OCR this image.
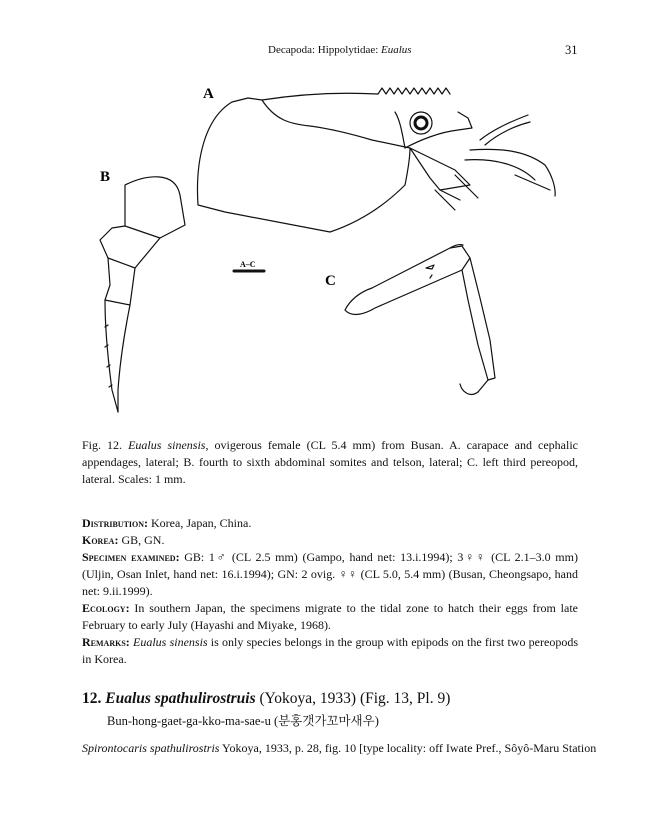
Decapoda: Hippolytidae: Eualus	31
A
B
C
A–C
Fig. 12. Eualus sinensis, ovigerous female (CL 5.4 mm) from Busan. A. carapace and cephalic appendages, lateral; B. fourth to sixth abdominal somites and telson, lateral; C. left third pereopod, lateral. Scales: 1 mm.

Distribution: Korea, Japan, China.

Korea: GB, GN.

Specimen examined: GB: 1♂ (CL 2.5 mm) (Gampo, hand net: 13.i.1994); 3♀♀ (CL 2.1–3.0 mm) (Uljin, Osan Inlet, hand net: 16.i.1994); GN: 2 ovig. ♀♀ (CL 5.0, 5.4 mm) (Busan, Cheongsapo, hand net: 9.ii.1999).

Ecology: In southern Japan, the specimens migrate to the tidal zone to hatch their eggs from late February to early July (Hayashi and Miyake, 1968).

Remarks: Eualus sinensis is only species belongs in the group with epipods on the first two pereopods in Korea.

12. Eualus spathulirostruis (Yokoya, 1933) (Fig. 13, Pl. 9)
Bun-hong-gaet-ga-kko-ma-sae-u (분홍갯가꼬마새우)
Spirontocaris spathulirostris Yokoya, 1933, p. 28, fig. 10 [type locality: off Iwate Pref., Sôyô-Maru Station
